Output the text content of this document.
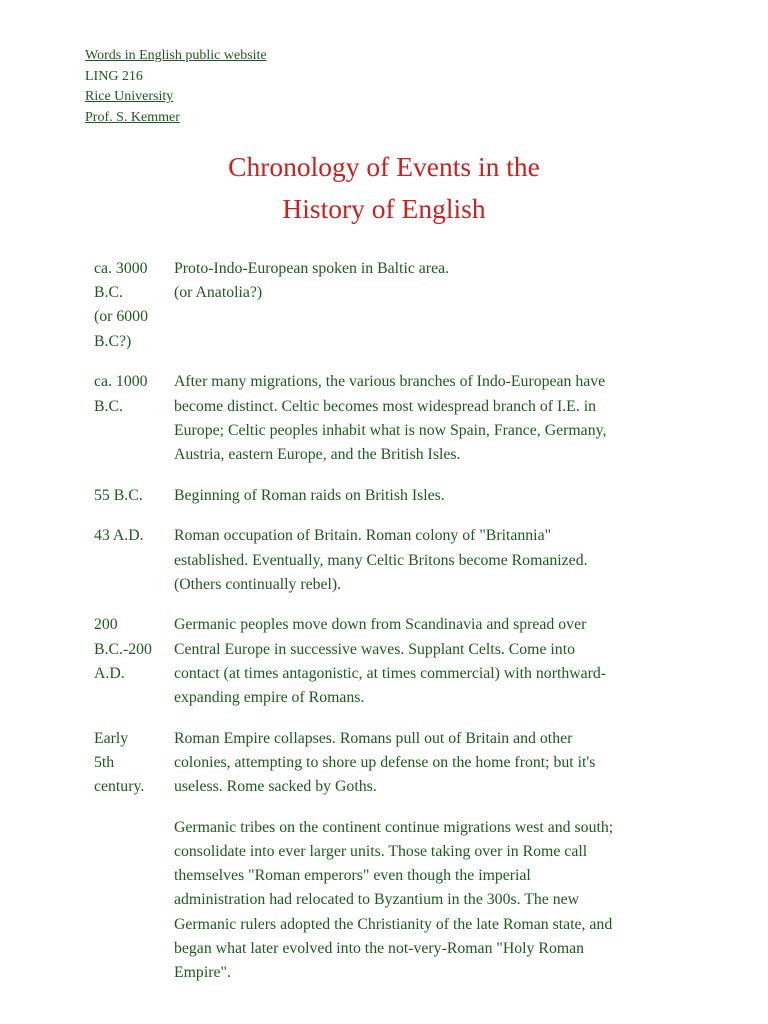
Words in English public website
LING 216
Rice University
Prof. S. Kemmer
Chronology of Events in the
History of English
ca. 3000
B.C.
(or 6000
B.C?)

Proto-Indo-European spoken in Baltic area.
(or Anatolia?)

ca. 1000
B.C.

After many migrations, the various branches of Indo-European have
become distinct. Celtic becomes most widespread branch of I.E. in
Europe; Celtic peoples inhabit what is now Spain, France, Germany,
Austria, eastern Europe, and the British Isles.

55 B.C.	Beginning of Roman raids on British Isles.

43 A.D.	Roman occupation of Britain. Roman colony of "Britannia"
established. Eventually, many Celtic Britons become Romanized.
(Others continually rebel).

200
B.C.-200
A.D.

Germanic peoples move down from Scandinavia and spread over
Central Europe in successive waves. Supplant Celts. Come into
contact (at times antagonistic, at times commercial) with northward-
expanding empire of Romans.

Early
5th
century.

Roman Empire collapses. Romans pull out of Britain and other
colonies, attempting to shore up defense on the home front; but it's
useless. Rome sacked by Goths.

Germanic tribes on the continent continue migrations west and south;
consolidate into ever larger units. Those taking over in Rome call
themselves "Roman emperors" even though the imperial
administration had relocated to Byzantium in the 300s. The new
Germanic rulers adopted the Christianity of the late Roman state, and
began what later evolved into the not-very-Roman "Holy Roman
Empire".
